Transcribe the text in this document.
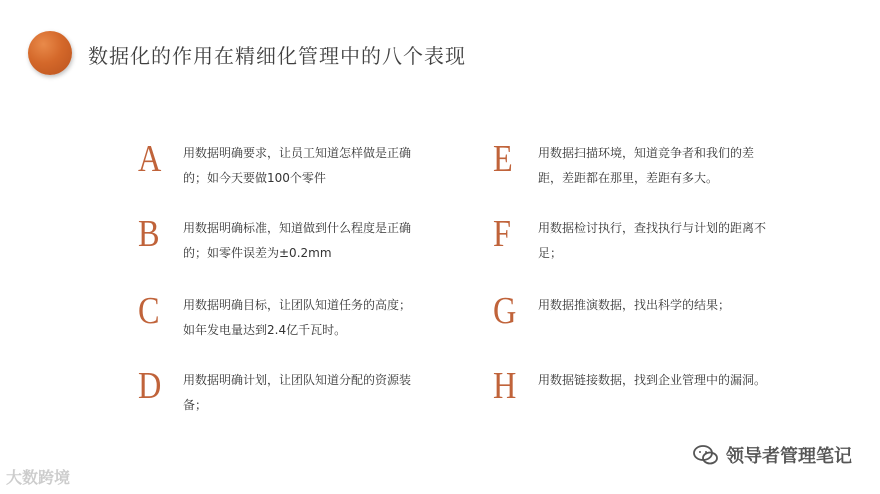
数据化的作用在精细化管理中的八个表现
A 用数据明确要求，让员工知道怎样做是正确的；如今天要做100个零件
B 用数据明确标准，知道做到什么程度是正确的；如零件误差为±0.2mm
C 用数据明确目标，让团队知道任务的高度；如年发电量达到2.4亿千瓦时。
D 用数据明确计划，让团队知道分配的资源装备；
E 用数据扫描环境，知道竞争者和我们的差距，差距都在那里，差距有多大。
F 用数据检讨执行，查找执行与计划的距离不足；
G 用数据推演数据，找出科学的结果；
H 用数据链接数据，找到企业管理中的漏洞。
大数跨境
领导者管理笔记
